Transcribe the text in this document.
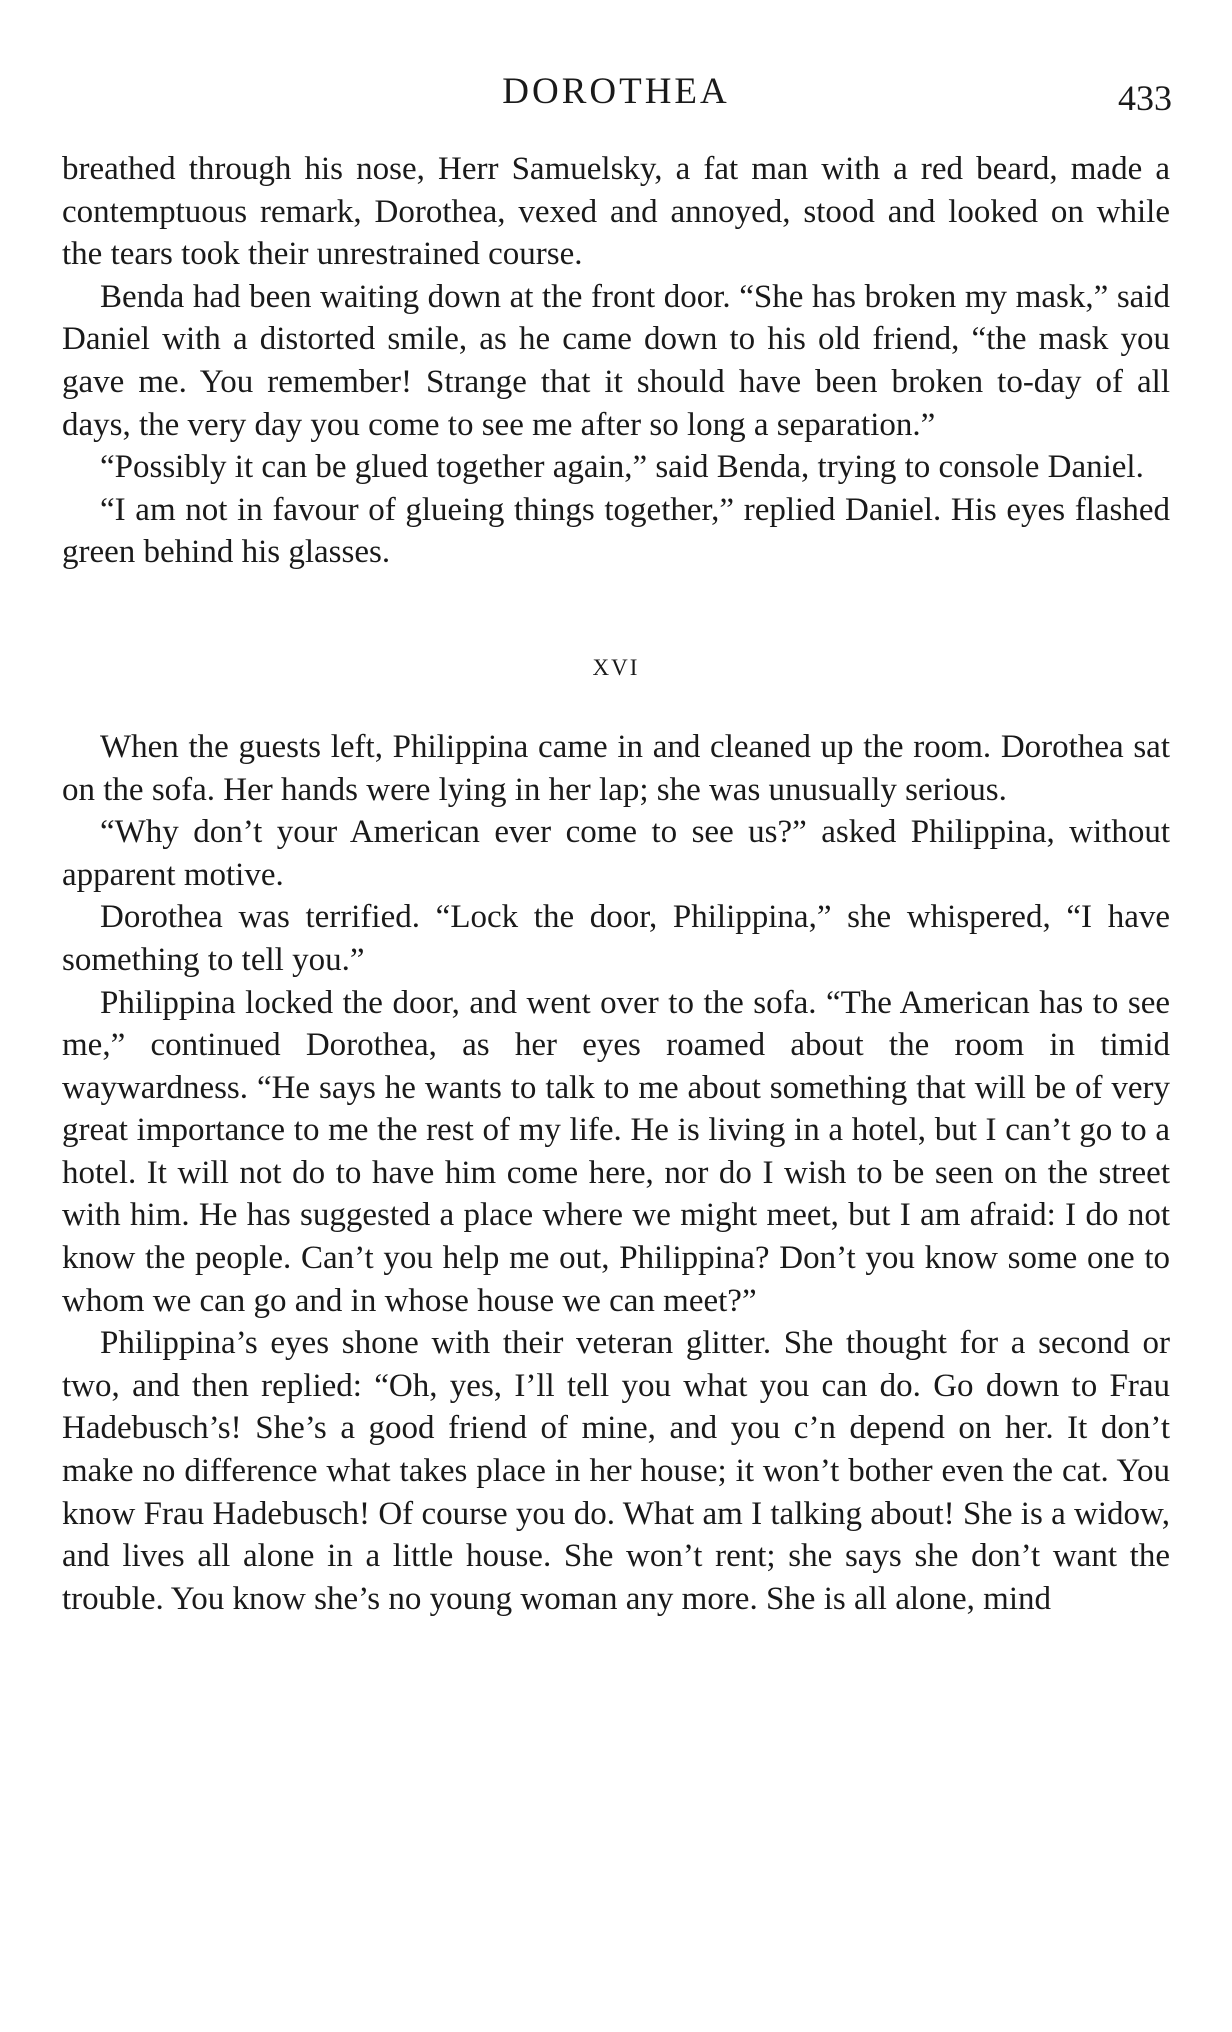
DOROTHEA	433

breathed through his nose, Herr Samuelsky, a fat man with a red beard, made a contemptuous remark, Dorothea, vexed and annoyed, stood and looked on while the tears took their unrestrained course.

Benda had been waiting down at the front door. “She has broken my mask,” said Daniel with a distorted smile, as he came down to his old friend, “the mask you gave me. You remember! Strange that it should have been broken to-day of all days, the very day you come to see me after so long a separation.”

“Possibly it can be glued together again,” said Benda, trying to console Daniel.

“I am not in favour of glueing things together,” replied Daniel. His eyes flashed green behind his glasses.

XVI

When the guests left, Philippina came in and cleaned up the room. Dorothea sat on the sofa. Her hands were lying in her lap; she was unusually serious.

“Why don’t your American ever come to see us?” asked Philippina, without apparent motive.

Dorothea was terrified. “Lock the door, Philippina,” she whispered, “I have something to tell you.”

Philippina locked the door, and went over to the sofa. “The American has to see me,” continued Dorothea, as her eyes roamed about the room in timid waywardness. “He says he wants to talk to me about something that will be of very great importance to me the rest of my life. He is living in a hotel, but I can’t go to a hotel. It will not do to have him come here, nor do I wish to be seen on the street with him. He has suggested a place where we might meet, but I am afraid: I do not know the people. Can’t you help me out, Philippina? Don’t you know some one to whom we can go and in whose house we can meet?”

Philippina’s eyes shone with their veteran glitter. She thought for a second or two, and then replied: “Oh, yes, I’ll tell you what you can do. Go down to Frau Hadebusch’s! She’s a good friend of mine, and you c’n depend on her. It don’t make no difference what takes place in her house; it won’t bother even the cat. You know Frau Hadebusch! Of course you do. What am I talking about! She is a widow, and lives all alone in a little house. She won’t rent; she says she don’t want the trouble. You know she’s no young woman any more. She is all alone, mind
